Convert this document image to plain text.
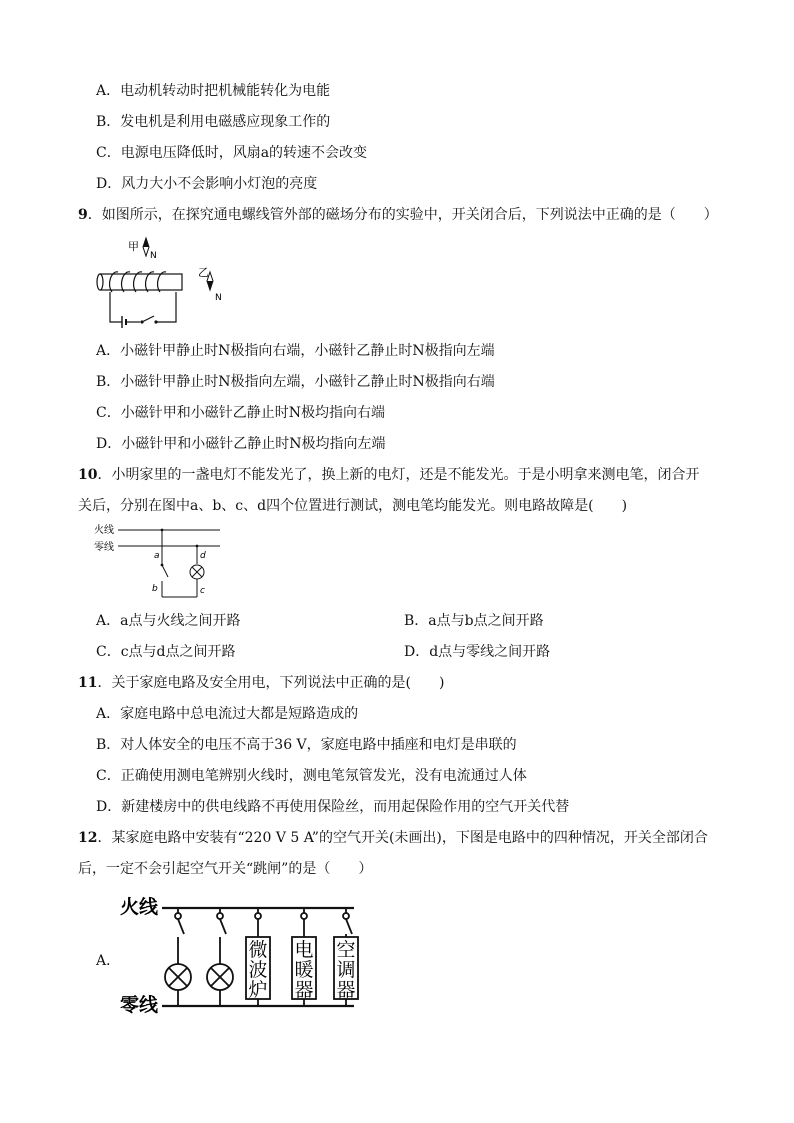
A．电动机转动时把机械能转化为电能
B．发电机是利用电磁感应现象工作的
C．电源电压降低时，风扇a的转速不会改变
D．风力大小不会影响小灯泡的亮度
9．如图所示，在探究通电螺线管外部的磁场分布的实验中，开关闭合后，下列说法中正确的是（　　）
甲
N
乙
N
A．小磁针甲静止时N极指向右端，小磁针乙静止时N极指向左端
B．小磁针甲静止时N极指向左端，小磁针乙静止时N极指向右端
C．小磁针甲和小磁针乙静止时N极均指向右端
D．小磁针甲和小磁针乙静止时N极均指向左端
10．小明家里的一盏电灯不能发光了，换上新的电灯，还是不能发光。于是小明拿来测电笔，闭合开
关后，分别在图中a、b、c、d四个位置进行测试，测电笔均能发光。则电路故障是(　　)
火线
零线
a
b
d
c
A．a点与火线之间开路	B．a点与b点之间开路
C．c点与d点之间开路	D．d点与零线之间开路
11．关于家庭电路及安全用电，下列说法中正确的是(　　)
A．家庭电路中总电流过大都是短路造成的
B．对人体安全的电压不高于36 V，家庭电路中插座和电灯是串联的
C．正确使用测电笔辨别火线时，测电笔氖管发光，没有电流通过人体
D．新建楼房中的供电线路不再使用保险丝，而用起保险作用的空气开关代替
12．某家庭电路中安装有“220 V 5 A”的空气开关(未画出)，下图是电路中的四种情况，开关全部闭合
后，一定不会引起空气开关“跳闸”的是（　　）
A．
火线
零线
微
波
炉
电
暖
器
空
调
器
